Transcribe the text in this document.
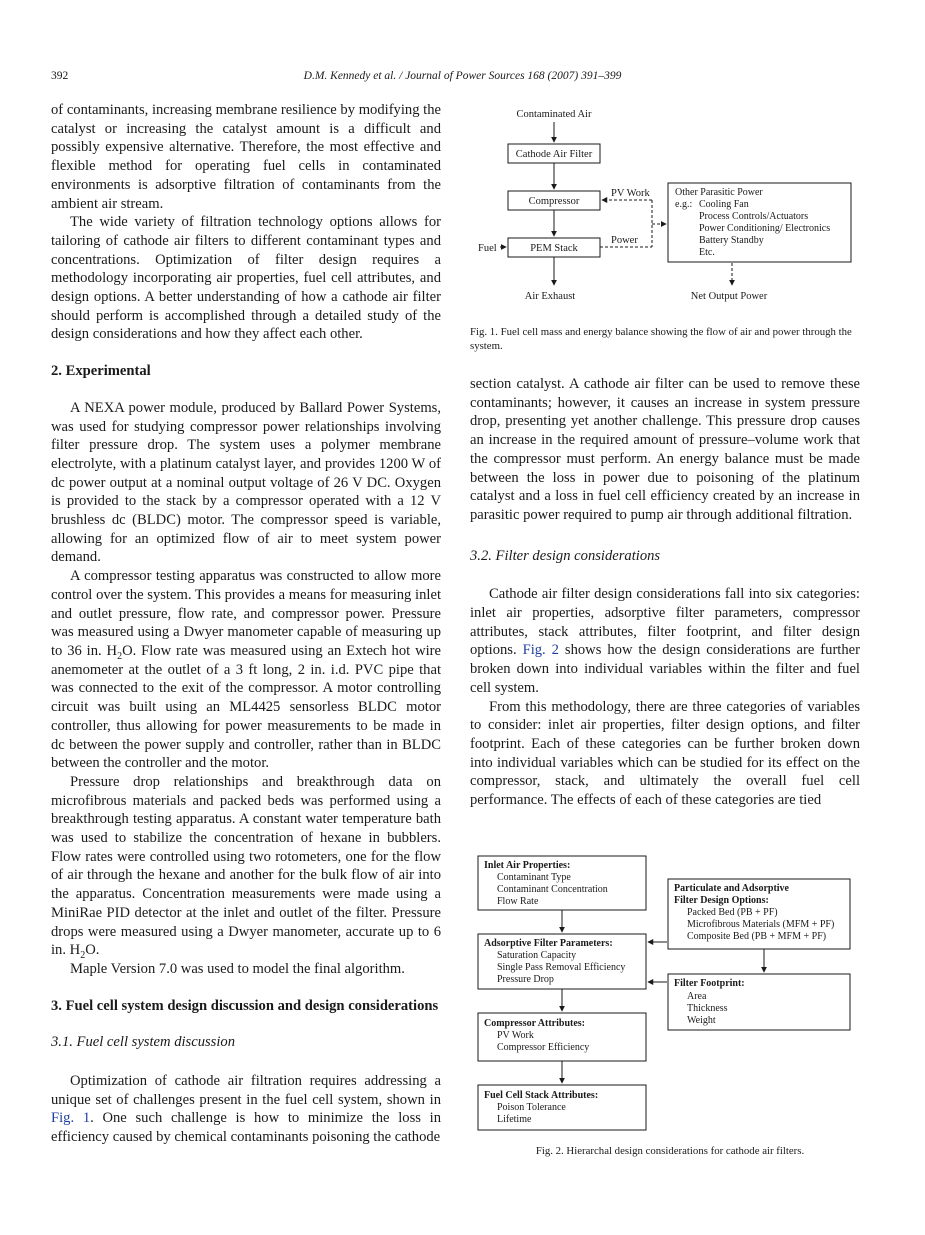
392	D.M. Kennedy et al. / Journal of Power Sources 168 (2007) 391–399

of contaminants, increasing membrane resilience by modifying the catalyst or increasing the catalyst amount is a difficult and possibly expensive alternative. Therefore, the most effective and flexible method for operating fuel cells in contaminated environments is adsorptive filtration of contaminants from the ambient air stream.

The wide variety of filtration technology options allows for tailoring of cathode air filters to different contaminant types and concentrations. Optimization of filter design requires a methodology incorporating air properties, fuel cell attributes, and design options. A better understanding of how a cathode air filter should perform is accomplished through a detailed study of the design considerations and how they affect each other.

2. Experimental

A NEXA power module, produced by Ballard Power Systems, was used for studying compressor power relationships involving filter pressure drop. The system uses a polymer membrane electrolyte, with a platinum catalyst layer, and provides 1200 W of dc power output at a nominal output voltage of 26 V DC. Oxygen is provided to the stack by a compressor operated with a 12 V brushless dc (BLDC) motor. The compressor speed is variable, allowing for an optimized flow of air to meet system power demand.

A compressor testing apparatus was constructed to allow more control over the system. This provides a means for measuring inlet and outlet pressure, flow rate, and compressor power. Pressure was measured using a Dwyer manometer capable of measuring up to 36 in. $H_2O$. Flow rate was measured using an Extech hot wire anemometer at the outlet of a 3 ft long, 2 in. i.d. PVC pipe that was connected to the exit of the compressor. A motor controlling circuit was built using an ML4425 sensorless BLDC motor controller, thus allowing for power measurements to be made in dc between the power supply and controller, rather than in BLDC between the controller and the motor.

Pressure drop relationships and breakthrough data on microfibrous materials and packed beds was performed using a breakthrough testing apparatus. A constant water temperature bath was used to stabilize the concentration of hexane in bubblers. Flow rates were controlled using two rotometers, one for the flow of air through the hexane and another for the bulk flow of air into the apparatus. Concentration measurements were made using a MiniRae PID detector at the inlet and outlet of the filter. Pressure drops were measured using a Dwyer manometer, accurate up to 6 in. $H_2O$.

Maple Version 7.0 was used to model the final algorithm.

3. Fuel cell system design discussion and design considerations
3.1. Fuel cell system discussion

Optimization of cathode air filtration requires addressing a unique set of challenges present in the fuel cell system, shown in Fig. 1. One such challenge is how to minimize the loss in efficiency caused by chemical contaminants poisoning the cathode

Contaminated Air
Cathode Air Filter
Compressor
PEM Stack
Fuel
Air Exhaust
PV Work
Power
Other Parasitic Power
e.g.: Cooling Fan
Process Controls/Actuators
Power Conditioning/ Electronics
Battery Standby
Etc.
Net Output Power
Fig. 1. Fuel cell mass and energy balance showing the flow of air and power through the system.

section catalyst. A cathode air filter can be used to remove these contaminants; however, it causes an increase in system pressure drop, presenting yet another challenge. This pressure drop causes an increase in the required amount of pressure–volume work that the compressor must perform. An energy balance must be made between the loss in power due to poisoning of the platinum catalyst and a loss in fuel cell efficiency created by an increase in parasitic power required to pump air through additional filtration.

3.2. Filter design considerations

Cathode air filter design considerations fall into six categories: inlet air properties, adsorptive filter parameters, compressor attributes, stack attributes, filter footprint, and filter design options. Fig. 2 shows how the design considerations are further broken down into individual variables within the filter and fuel cell system.

From this methodology, there are three categories of variables to consider: inlet air properties, filter design options, and filter footprint. Each of these categories can be further broken down into individual variables which can be studied for its effect on the compressor, stack, and ultimately the overall fuel cell performance. The effects of each of these categories are tied

Inlet Air Properties:
Contaminant Type
Contaminant Concentration
Flow Rate
Adsorptive Filter Parameters:
Saturation Capacity
Single Pass Removal Efficiency
Pressure Drop
Compressor Attributes:
PV Work
Compressor Efficiency
Fuel Cell Stack Attributes:
Poison Tolerance
Lifetime
Particulate and Adsorptive
Filter Design Options:
Packed Bed (PB + PF)
Microfibrous Materials (MFM + PF)
Composite Bed (PB + MFM + PF)
Filter Footprint:
Area
Thickness
Weight
Fig. 2. Hierarchal design considerations for cathode air filters.
